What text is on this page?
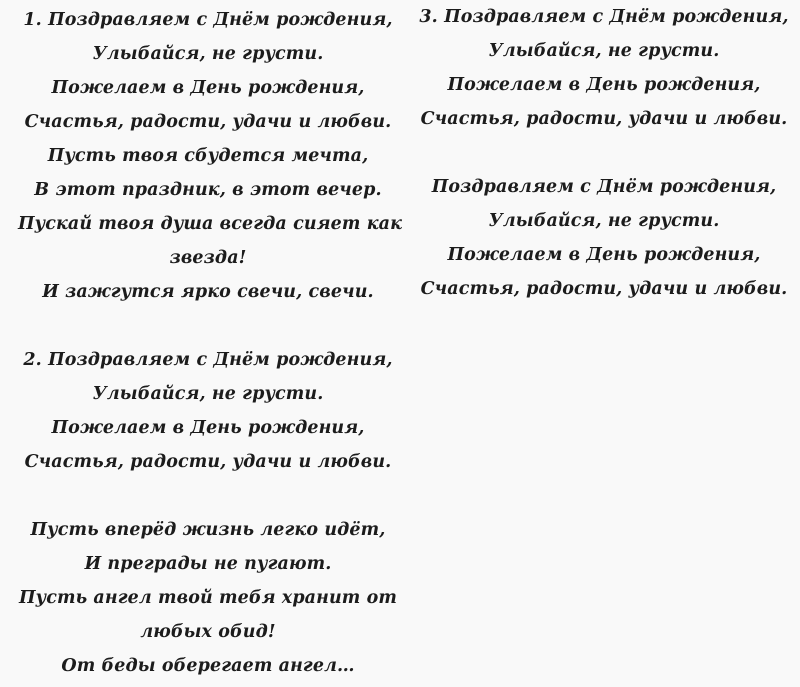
1. Поздравляем с Днём рождения,
Улыбайся, не грусти.
Пожелаем в День рождения,
Счастья, радости, удачи и любви.
Пусть твоя сбудется мечта,
В этот праздник, в этот вечер.
Пускай твоя душа всегда сияет как
звезда!
И зажгутся ярко свечи, свечи.
2. Поздравляем с Днём рождения,
Улыбайся, не грусти.
Пожелаем в День рождения,
Счастья, радости, удачи и любви.
Пусть вперёд жизнь легко идёт,
И преграды не пугают.
Пусть ангел твой тебя хранит от
любых обид!
От беды оберегает ангел…
3. Поздравляем с Днём рождения,
Улыбайся, не грусти.
Пожелаем в День рождения,
Счастья, радости, удачи и любви.
Поздравляем с Днём рождения,
Улыбайся, не грусти.
Пожелаем в День рождения,
Счастья, радости, удачи и любви.
